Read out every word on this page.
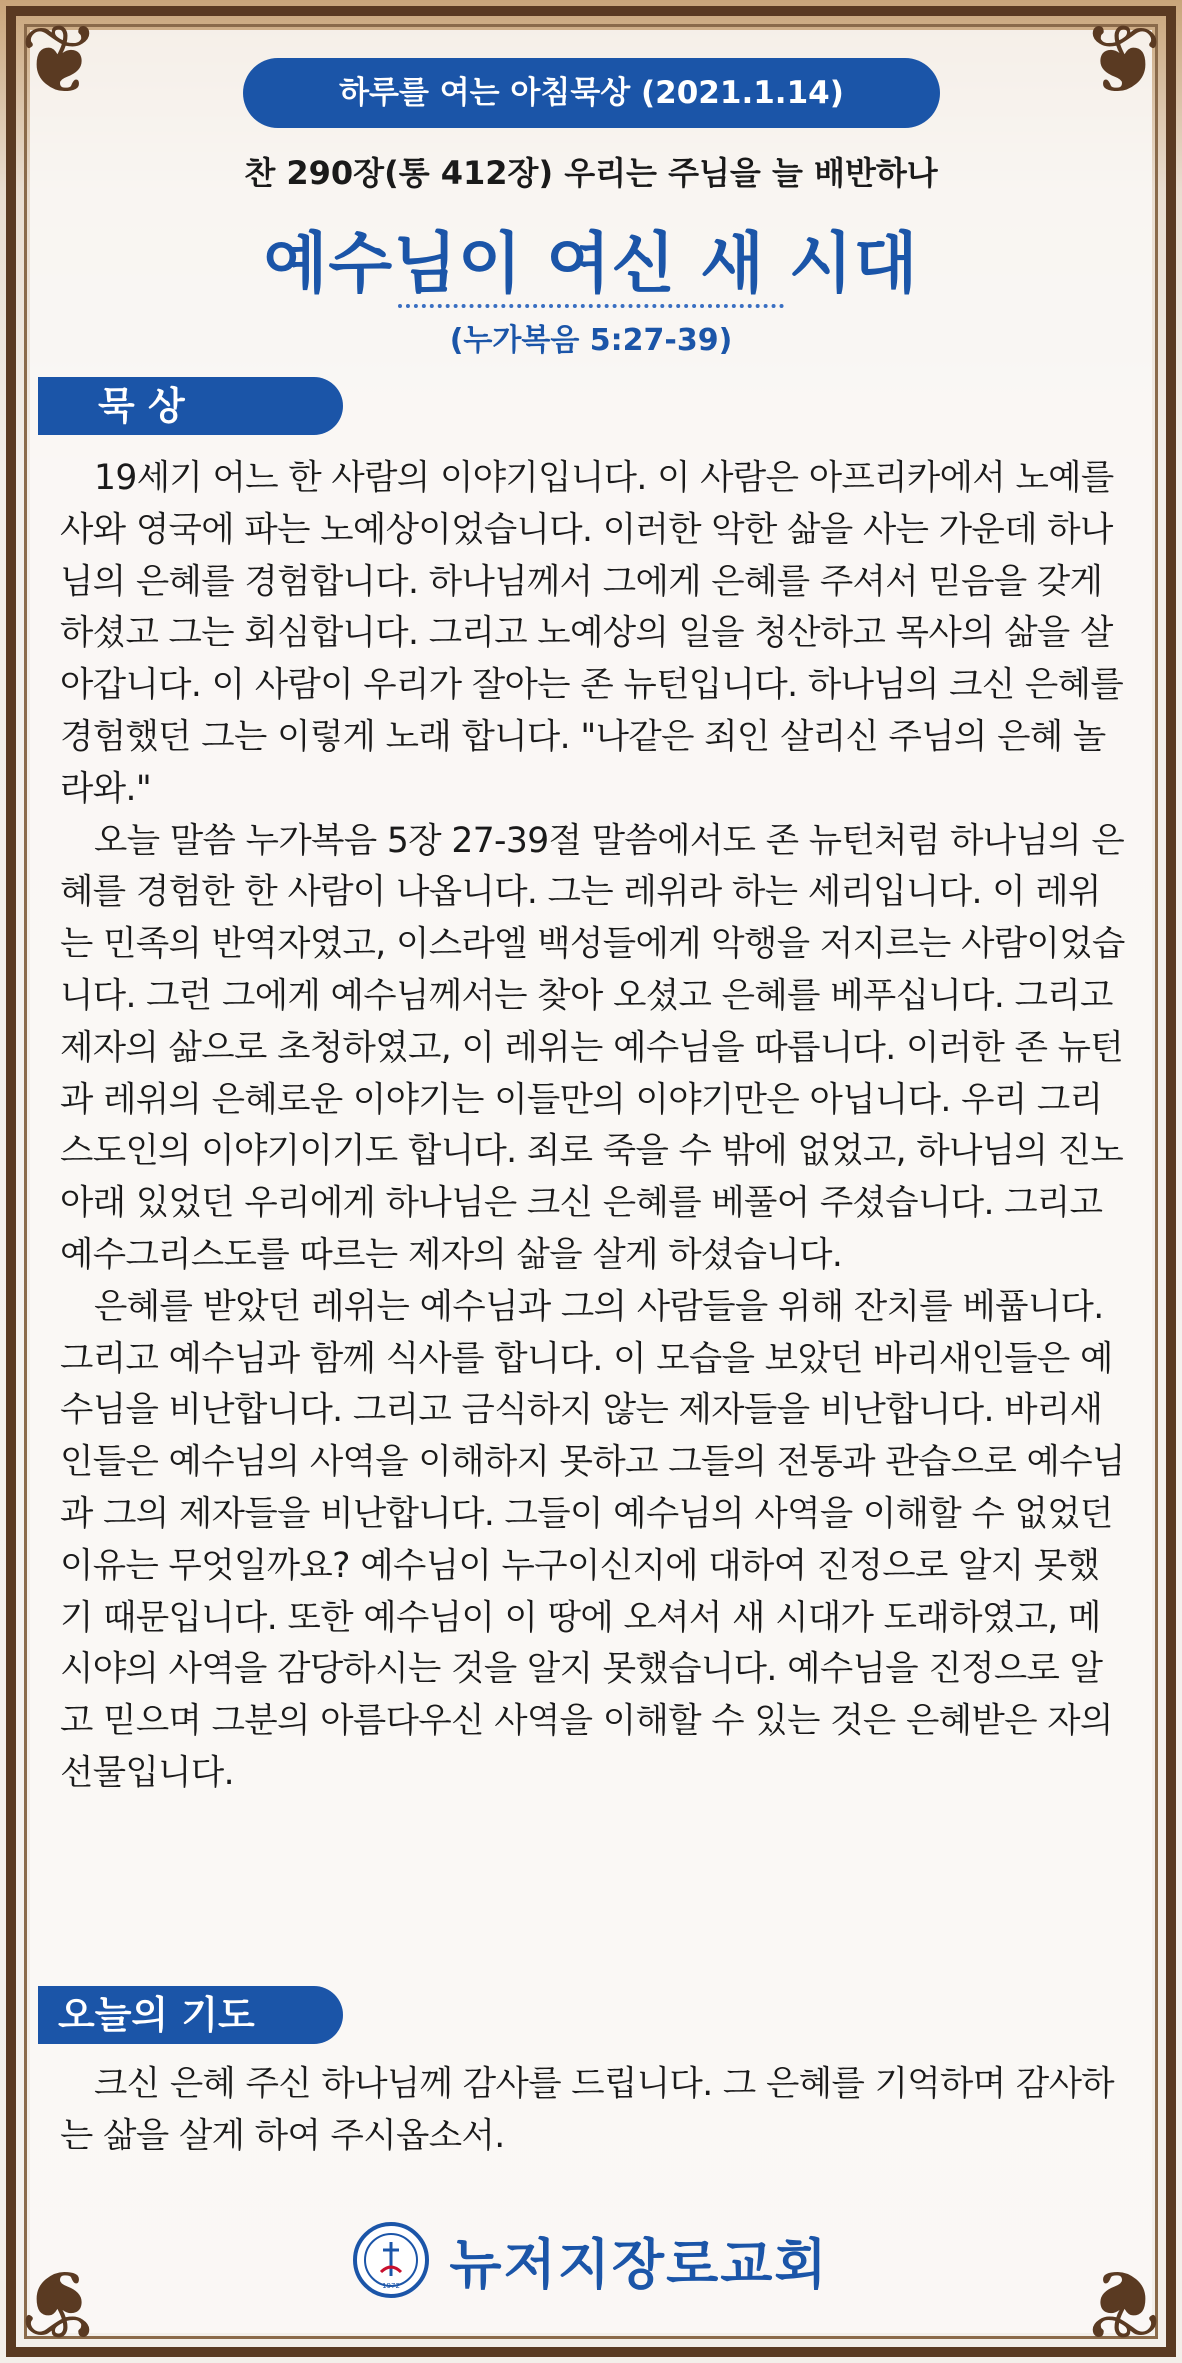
❦	❦
❦	❦
하루를 여는 아침묵상 (2021.1.14)
찬 290장(통 412장) 우리는 주님을 늘 배반하나
예수님이 여신 새 시대
(누가복음 5:27-39)
묵 상

19세기 어느 한 사람의 이야기입니다. 이 사람은 아프리카에서 노예를 사와 영국에 파는 노예상이었습니다. 이러한 악한 삶을 사는 가운데 하나님의 은혜를 경험합니다. 하나님께서 그에게 은혜를 주셔서 믿음을 갖게 하셨고 그는 회심합니다. 그리고 노예상의 일을 청산하고 목사의 삶을 살아갑니다. 이 사람이 우리가 잘아는 존 뉴턴입니다. 하나님의 크신 은혜를 경험했던 그는 이렇게 노래 합니다. "나같은 죄인 살리신 주님의 은혜 놀라와."

오늘 말씀 누가복음 5장 27-39절 말씀에서도 존 뉴턴처럼 하나님의 은혜를 경험한 한 사람이 나옵니다. 그는 레위라 하는 세리입니다. 이 레위는 민족의 반역자였고, 이스라엘 백성들에게 악행을 저지르는 사람이었습니다. 그런 그에게 예수님께서는 찾아 오셨고 은혜를 베푸십니다. 그리고 제자의 삶으로 초청하였고, 이 레위는 예수님을 따릅니다. 이러한 존 뉴턴과 레위의 은혜로운 이야기는 이들만의 이야기만은 아닙니다. 우리 그리스도인의 이야기이기도 합니다. 죄로 죽을 수 밖에 없었고, 하나님의 진노 아래 있었던 우리에게 하나님은 크신 은혜를 베풀어 주셨습니다. 그리고 예수그리스도를 따르는 제자의 삶을 살게 하셨습니다.

은혜를 받았던 레위는 예수님과 그의 사람들을 위해 잔치를 베풉니다. 그리고 예수님과 함께 식사를 합니다. 이 모습을 보았던 바리새인들은 예수님을 비난합니다. 그리고 금식하지 않는 제자들을 비난합니다. 바리새인들은 예수님의 사역을 이해하지 못하고 그들의 전통과 관습으로 예수님과 그의 제자들을 비난합니다. 그들이 예수님의 사역을 이해할 수 없었던 이유는 무엇일까요? 예수님이 누구이신지에 대하여 진정으로 알지 못했기 때문입니다. 또한 예수님이 이 땅에 오셔서 새 시대가 도래하였고, 메시야의 사역을 감당하시는 것을 알지 못했습니다. 예수님을 진정으로 알고 믿으며 그분의 아름다우신 사역을 이해할 수 있는 것은 은혜받은 자의 선물입니다.

오늘의 기도

크신 은혜 주신 하나님께 감사를 드립니다. 그 은혜를 기억하며 감사하는 삶을 살게 하여 주시옵소서.

1972 뉴저지장로교회
